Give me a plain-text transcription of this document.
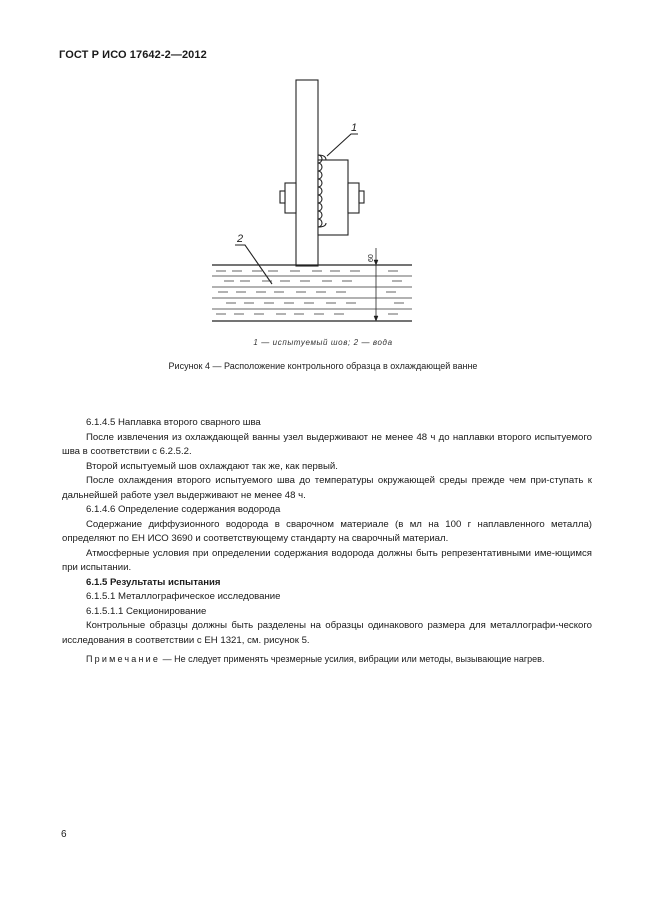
ГОСТ Р ИСО 17642-2—2012
1
2
60
1 — испытуемый шов; 2 — вода
Рисунок 4 — Расположение контрольного образца в охлаждающей ванне

6.1.4.5 Наплавка второго сварного шва

После извлечения из охлаждающей ванны узел выдерживают не менее 48 ч до наплавки второго испытуемого шва в соответствии с 6.2.5.2.

Второй испытуемый шов охлаждают так же, как первый.

После охлаждения второго испытуемого шва до температуры окружающей среды прежде чем при-ступать к дальнейшей работе узел выдерживают не менее 48 ч.

6.1.4.6 Определение содержания водорода

Содержание диффузионного водорода в сварочном материале (в мл на 100 г наплавленного металла) определяют по ЕН ИСО 3690 и соответствующему стандарту на сварочный материал.

Атмосферные условия при определении содержания водорода должны быть репрезентативными име-ющимся при испытании.

6.1.5 Результаты испытания

6.1.5.1 Металлографическое исследование

6.1.5.1.1 Секционирование

Контрольные образцы должны быть разделены на образцы одинакового размера для металлографи-ческого исследования в соответствии с ЕН 1321, см. рисунок 5.

Примечание — Не следует применять чрезмерные усилия, вибрации или методы, вызывающие нагрев.
6
